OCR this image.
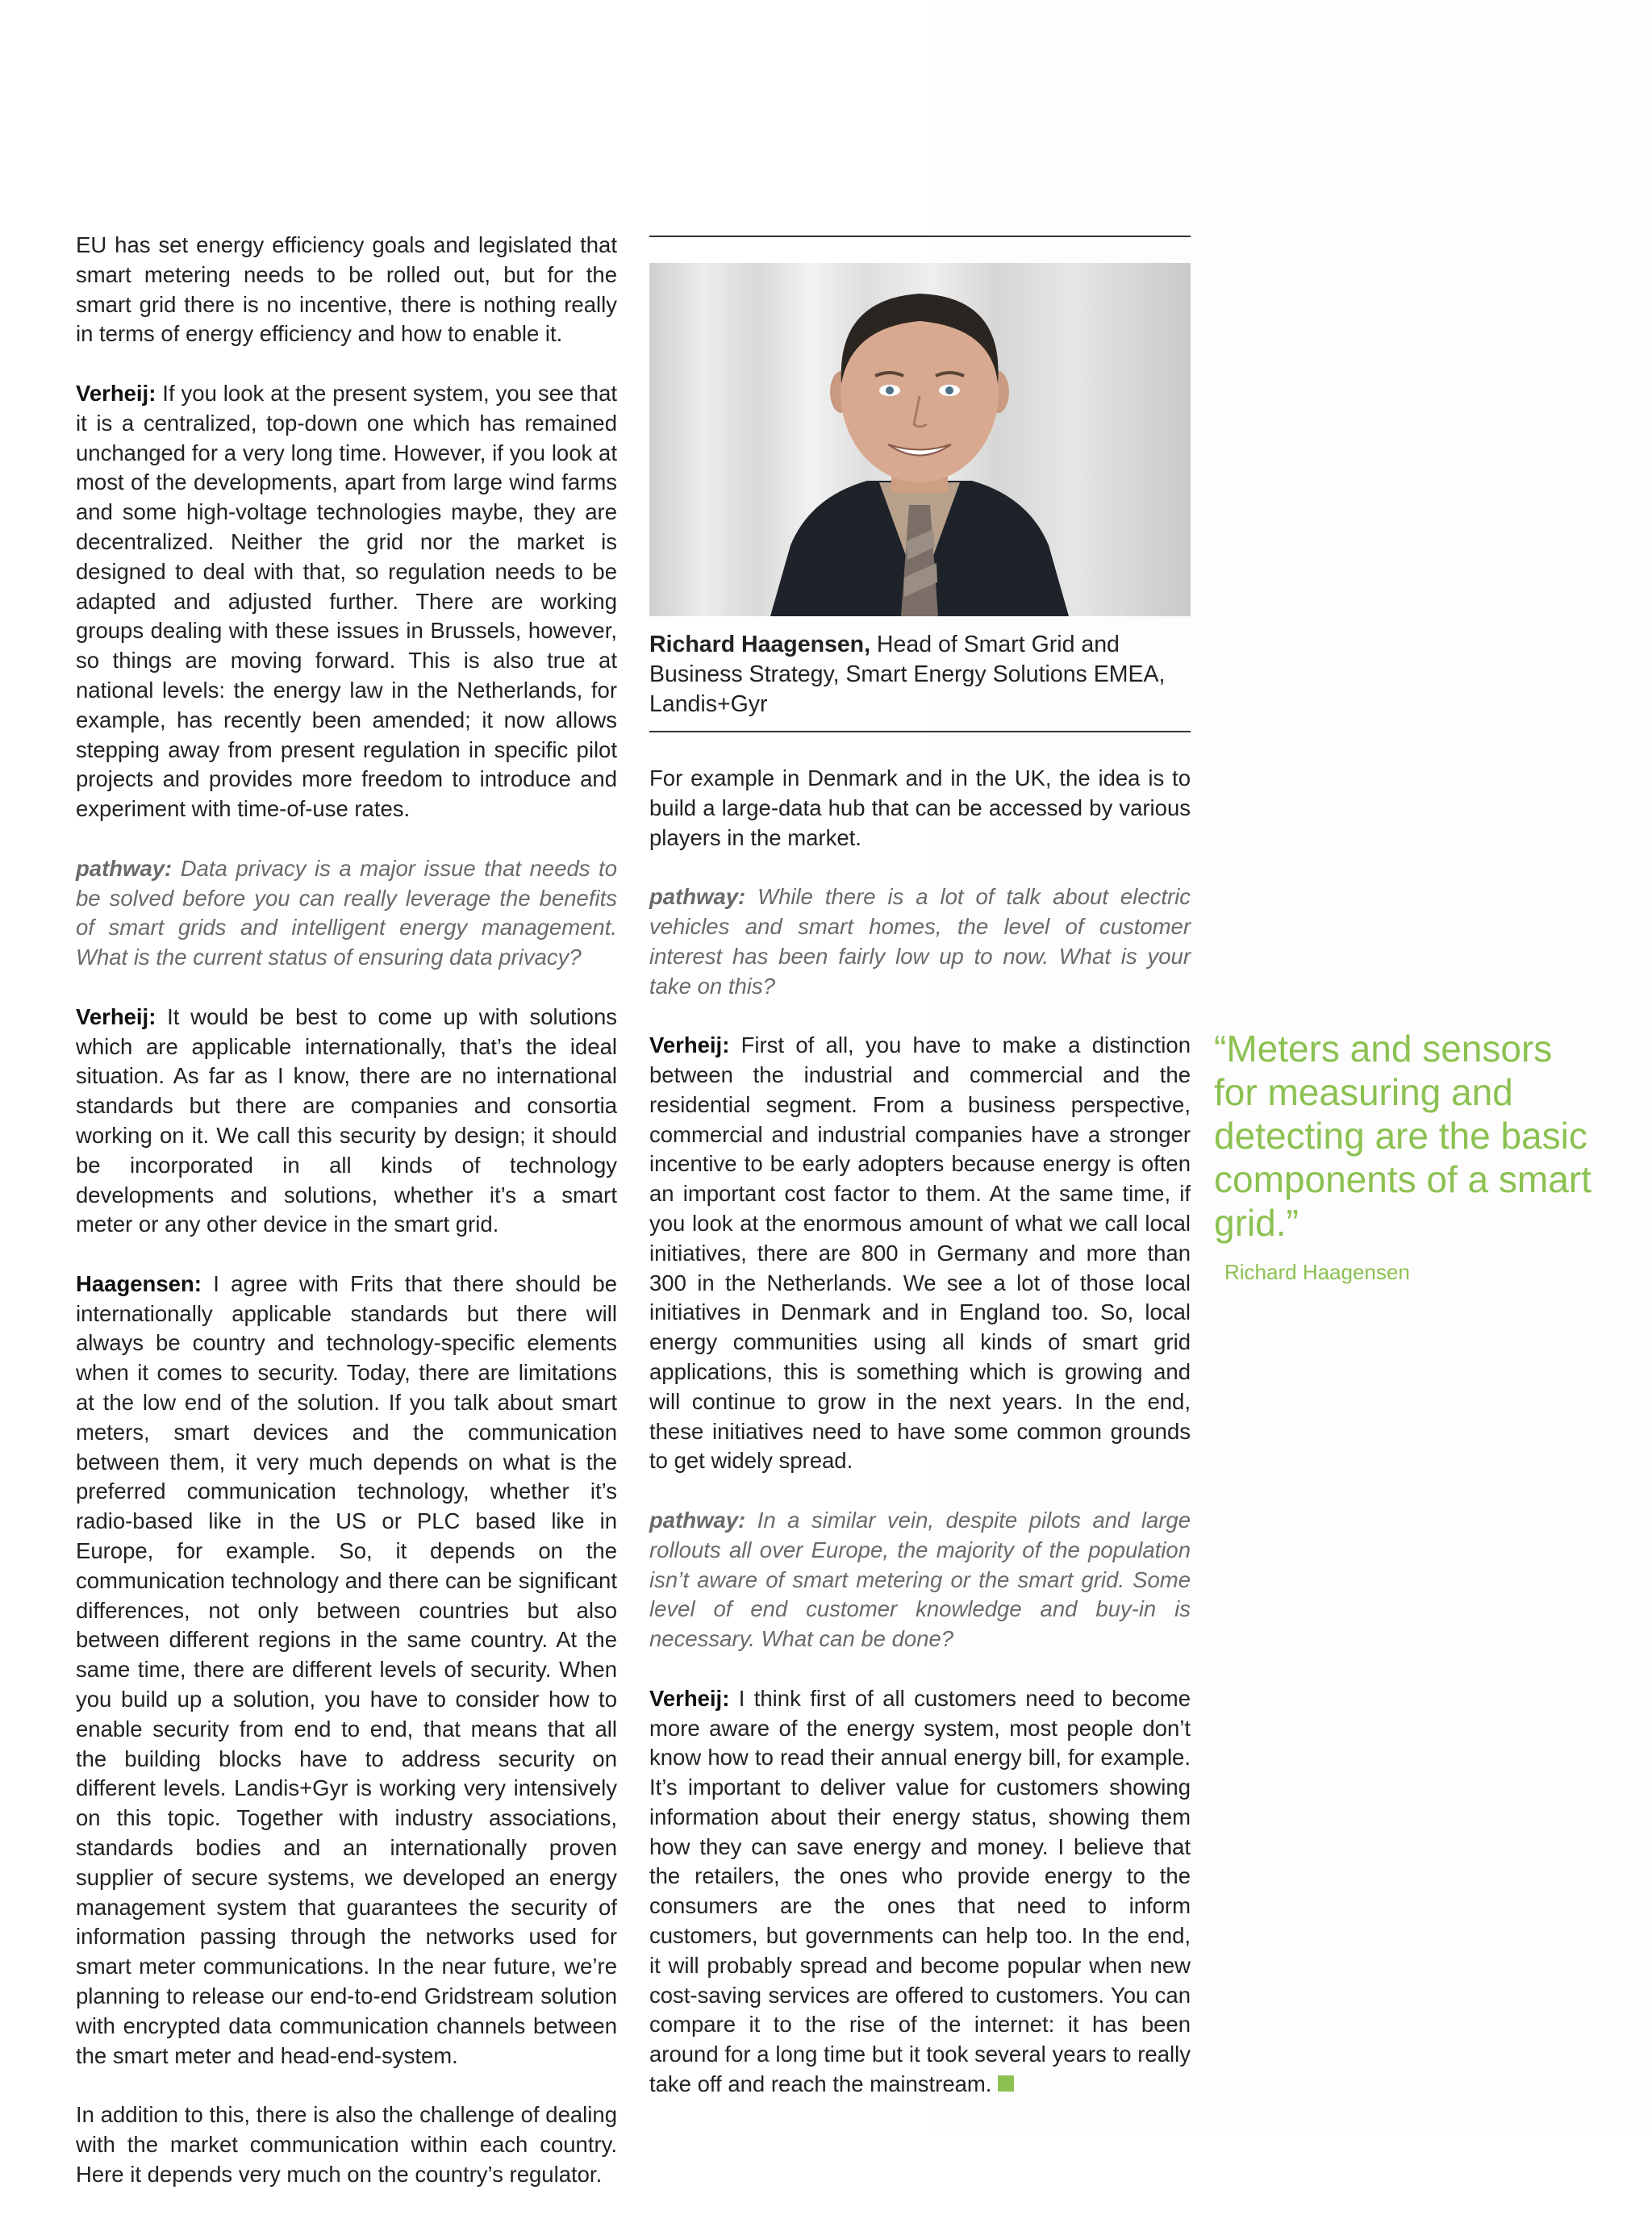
EU has set energy efficiency goals and legislated that smart metering needs to be rolled out, but for the smart grid there is no incentive, there is nothing really in terms of energy efficiency and how to enable it.

Verheij: If you look at the present system, you see that it is a centralized, top-down one which has remained unchanged for a very long time. However, if you look at most of the developments, apart from large wind farms and some high-voltage technologies maybe, they are decentralized. Neither the grid nor the market is designed to deal with that, so regulation needs to be adapted and adjusted further. There are working groups dealing with these issues in Brussels, however, so things are moving forward. This is also true at national levels: the energy law in the Netherlands, for example, has recently been amended; it now allows stepping away from present regulation in specific pilot projects and provides more freedom to introduce and experiment with time-of-use rates.

pathway: Data privacy is a major issue that needs to be solved before you can really leverage the benefits of smart grids and intelligent energy management. What is the current status of ensuring data privacy?

Verheij: It would be best to come up with solutions which are applicable internationally, that’s the ideal situation. As far as I know, there are no international standards but there are companies and consortia working on it. We call this security by design; it should be incorporated in all kinds of technology developments and solutions, whether it’s a smart meter or any other device in the smart grid.

Haagensen: I agree with Frits that there should be internationally applicable standards but there will always be country and technology-specific elements when it comes to security. Today, there are limitations at the low end of the solution. If you talk about smart meters, smart devices and the communication between them, it very much depends on what is the preferred communication technology, whether it’s radio-based like in the US or PLC based like in Europe, for example. So, it depends on the communication technology and there can be significant differences, not only between countries but also between different regions in the same country. At the same time, there are different levels of security. When you build up a solution, you have to consider how to enable security from end to end, that means that all the building blocks have to address security on different levels. Landis+Gyr is working very intensively on this topic. Together with industry associations, standards bodies and an internationally proven supplier of secure systems, we developed an energy management system that guarantees the security of information passing through the networks used for smart meter communications. In the near future, we’re planning to release our end-to-end Gridstream solution with encrypted data communication channels between the smart meter and head-end-system.

In addition to this, there is also the challenge of dealing with the market communication within each country. Here it depends very much on the country’s regulator.

Richard Haagensen, Head of Smart Grid and Business Strategy, Smart Energy Solutions EMEA, Landis+Gyr

For example in Denmark and in the UK, the idea is to build a large-data hub that can be accessed by various players in the market.

pathway: While there is a lot of talk about electric vehicles and smart homes, the level of customer interest has been fairly low up to now. What is your take on this?

Verheij: First of all, you have to make a distinction between the industrial and commercial and the residential segment. From a business perspective, commercial and industrial companies have a stronger incentive to be early adopters because energy is often an important cost factor to them. At the same time, if you look at the enormous amount of what we call local initiatives, there are 800 in Germany and more than 300 in the Netherlands. We see a lot of those local initiatives in Denmark and in England too. So, local energy communities using all kinds of smart grid applications, this is something which is growing and will continue to grow in the next years. In the end, these initiatives need to have some common grounds to get widely spread.

pathway: In a similar vein, despite pilots and large rollouts all over Europe, the majority of the population isn’t aware of smart metering or the smart grid. Some level of end customer knowledge and buy-in is necessary. What can be done?

Verheij: I think first of all customers need to become more aware of the energy system, most people don’t know how to read their annual energy bill, for example. It’s important to deliver value for customers showing information about their energy status, showing them how they can save energy and money. I believe that the retailers, the ones who provide energy to the consumers are the ones that need to inform customers, but governments can help too. In the end, it will probably spread and become popular when new cost-saving services are offered to customers. You can compare it to the rise of the internet: it has been around for a long time but it took several years to really take off and reach the mainstream.

“Meters and sensors for measuring and detecting are the basic components of a smart grid.”
Richard Haagensen
